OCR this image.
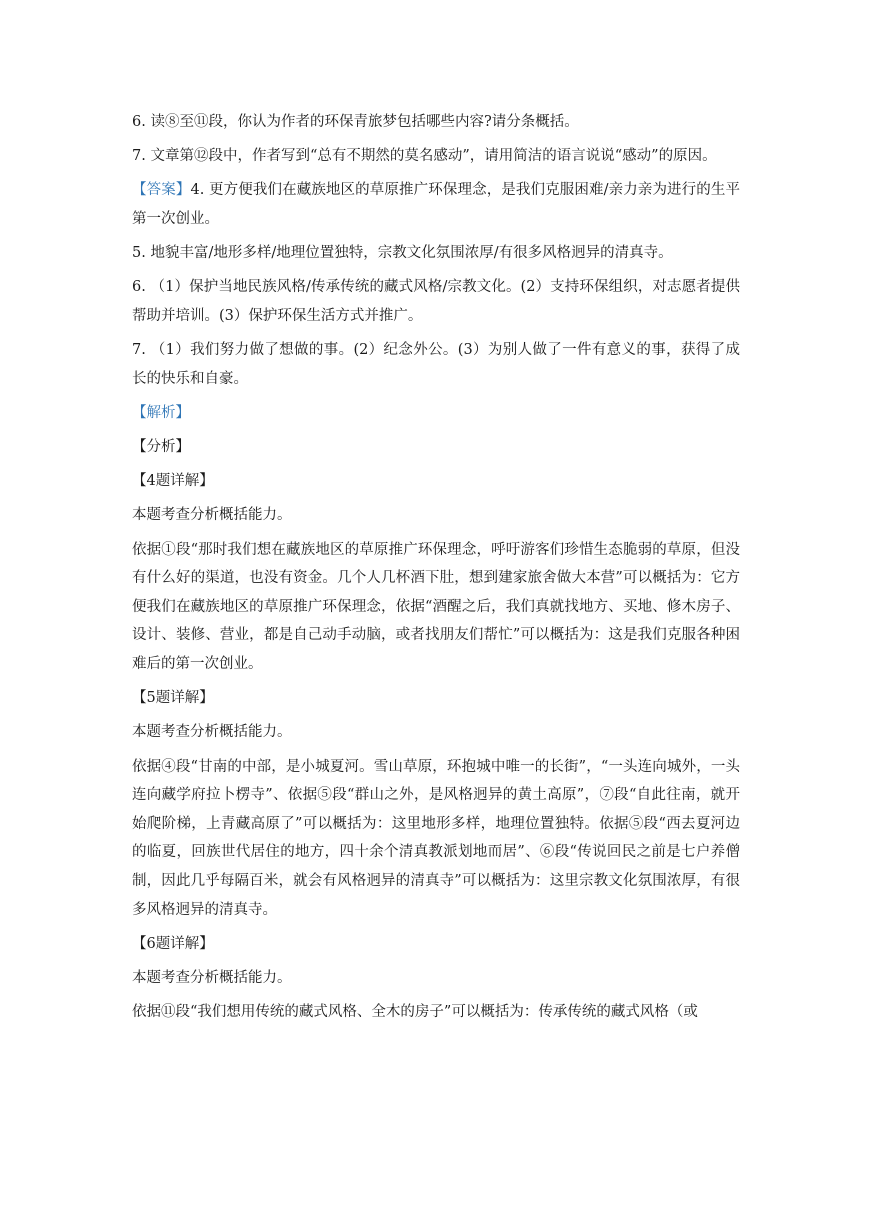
6. 读⑧至⑪段，你认为作者的环保青旅梦包括哪些内容?请分条概括。

7. 文章第⑫段中，作者写到“总有不期然的莫名感动”，请用简洁的语言说说“感动”的原因。

【答案】4. 更方便我们在藏族地区的草原推广环保理念，是我们克服困难/亲力亲为进行的生平第一次创业。

5. 地貌丰富/地形多样/地理位置独特，宗教文化氛围浓厚/有很多风格迥异的清真寺。

6. （1）保护当地民族风格/传承传统的藏式风格/宗教文化。(2）支持环保组织，对志愿者提供帮助并培训。(3）保护环保生活方式并推广。

7. （1）我们努力做了想做的事。(2）纪念外公。(3）为别人做了一件有意义的事，获得了成长的快乐和自豪。

【解析】

【分析】

【4题详解】

本题考查分析概括能力。

依据①段“那时我们想在藏族地区的草原推广环保理念，呼吁游客们珍惜生态脆弱的草原，但没有什么好的渠道，也没有资金。几个人几杯酒下肚，想到建家旅舍做大本营”可以概括为：它方便我们在藏族地区的草原推广环保理念，依据“酒醒之后，我们真就找地方、买地、修木房子、设计、装修、营业，都是自己动手动脑，或者找朋友们帮忙”可以概括为：这是我们克服各种困难后的第一次创业。

【5题详解】

本题考查分析概括能力。

依据④段“甘南的中部，是小城夏河。雪山草原，环抱城中唯一的长街”，“一头连向城外，一头连向藏学府拉卜楞寺”、依据⑤段“群山之外，是风格迥异的黄土高原”，⑦段“自此往南，就开始爬阶梯，上青藏高原了”可以概括为：这里地形多样，地理位置独特。依据⑤段“西去夏河边的临夏，回族世代居住的地方，四十余个清真教派划地而居”、⑥段“传说回民之前是七户养僧制，因此几乎每隔百米，就会有风格迥异的清真寺”可以概括为：这里宗教文化氛围浓厚，有很多风格迥异的清真寺。

【6题详解】

本题考查分析概括能力。

依据⑪段“我们想用传统的藏式风格、全木的房子”可以概括为：传承传统的藏式风格（或
